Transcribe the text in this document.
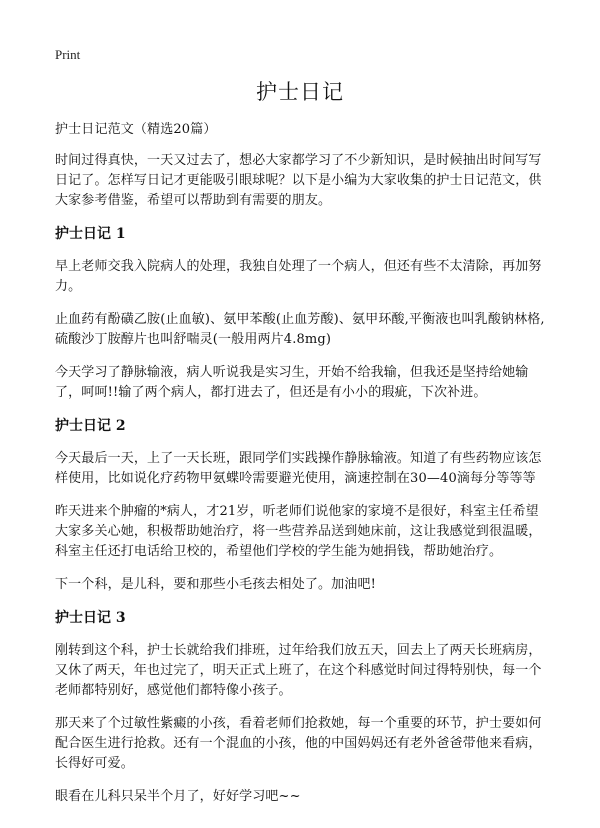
Print
护士日记

护士日记范文（精选20篇）

时间过得真快，一天又过去了，想必大家都学习了不少新知识，是时候抽出时间写写日记了。怎样写日记才更能吸引眼球呢？以下是小编为大家收集的护士日记范文，供大家参考借鉴，希望可以帮助到有需要的朋友。

护士日记 1

早上老师交我入院病人的处理，我独自处理了一个病人，但还有些不太清除，再加努力。

止血药有酚磺乙胺(止血敏)、氨甲苯酸(止血芳酸)、氨甲环酸,平衡液也叫乳酸钠林格,硫酸沙丁胺醇片也叫舒喘灵(一般用两片4.8mg)

今天学习了静脉输液，病人听说我是实习生，开始不给我输，但我还是坚持给她输了，呵呵!!输了两个病人，都打进去了，但还是有小小的瑕疵，下次补进。

护士日记 2

今天最后一天，上了一天长班，跟同学们实践操作静脉输液。知道了有些药物应该怎样使用，比如说化疗药物甲氨蝶呤需要避光使用，滴速控制在30—40滴每分等等等

昨天进来个肿瘤的*病人，才21岁，听老师们说他家的家境不是很好，科室主任希望大家多关心她，积极帮助她治疗，将一些营养品送到她床前，这让我感觉到很温暖，科室主任还打电话给卫校的，希望他们学校的学生能为她捐钱，帮助她治疗。

下一个科，是儿科，要和那些小毛孩去相处了。加油吧!

护士日记 3

刚转到这个科，护士长就给我们排班，过年给我们放五天，回去上了两天长班病房，又休了两天，年也过完了，明天正式上班了，在这个科感觉时间过得特别快，每一个老师都特别好，感觉他们都特像小孩子。

那天来了个过敏性紫癜的小孩，看着老师们抢救她，每一个重要的环节，护士要如何配合医生进行抢救。还有一个混血的小孩，他的中国妈妈还有老外爸爸带他来看病，长得好可爱。

眼看在儿科只呆半个月了，好好学习吧~~
